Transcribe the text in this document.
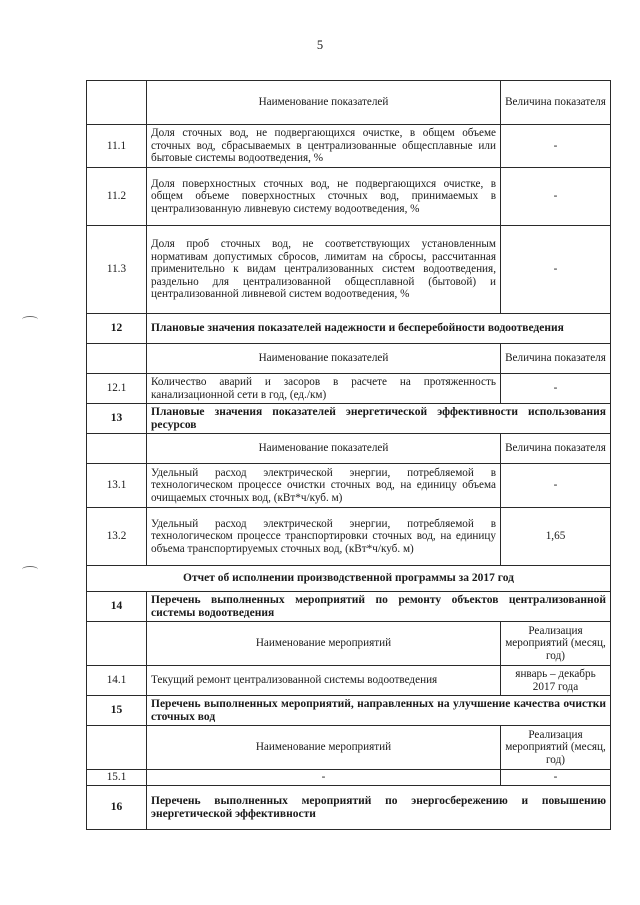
5
	Наименование показателей	Величина показателя
11.1	Доля сточных вод, не подвергающихся очистке, в общем объеме сточных вод, сбрасываемых в централизованные общесплавные или бытовые системы водоотведения, %	-
11.2	Доля поверхностных сточных вод, не подвергающихся очистке, в общем объеме поверхностных сточных вод, принимаемых в централизованную ливневую систему водоотведения, %	-
11.3	Доля проб сточных вод, не соответствующих установленным нормативам допустимых сбросов, лимитам на сбросы, рассчитанная применительно к видам централизованных систем водоотведения, раздельно для централизованной общесплавной (бытовой) и централизованной ливневой систем водоотведения, %	-
12	Плановые значения показателей надежности и бесперебойности водоотведения	
	Наименование показателей	Величина показателя
12.1	Количество аварий и засоров в расчете на протяженность канализационной сети в год, (ед./км)	-
13	Плановые значения показателей энергетической эффективности использования ресурсов	
	Наименование показателей	Величина показателя
13.1	Удельный расход электрической энергии, потребляемой в технологическом процессе очистки сточных вод, на единицу объема очищаемых сточных вод, (кВт*ч/куб. м)	-
13.2	Удельный расход электрической энергии, потребляемой в технологическом процессе транспортировки сточных вод, на единицу объема транспортируемых сточных вод, (кВт*ч/куб. м)	1,65
Отчет об исполнении производственной программы за 2017 год		
14	Перечень выполненных мероприятий по ремонту объектов централизованной системы водоотведения	
	Наименование мероприятий	Реализация мероприятий (месяц, год)
14.1	Текущий ремонт централизованной системы водоотведения	январь – декабрь 2017 года
15	Перечень выполненных мероприятий, направленных на улучшение качества очистки сточных вод	
	Наименование мероприятий	Реализация мероприятий (месяц, год)
15.1	-	-
16	Перечень выполненных мероприятий по энергосбережению и повышению энергетической эффективности	
